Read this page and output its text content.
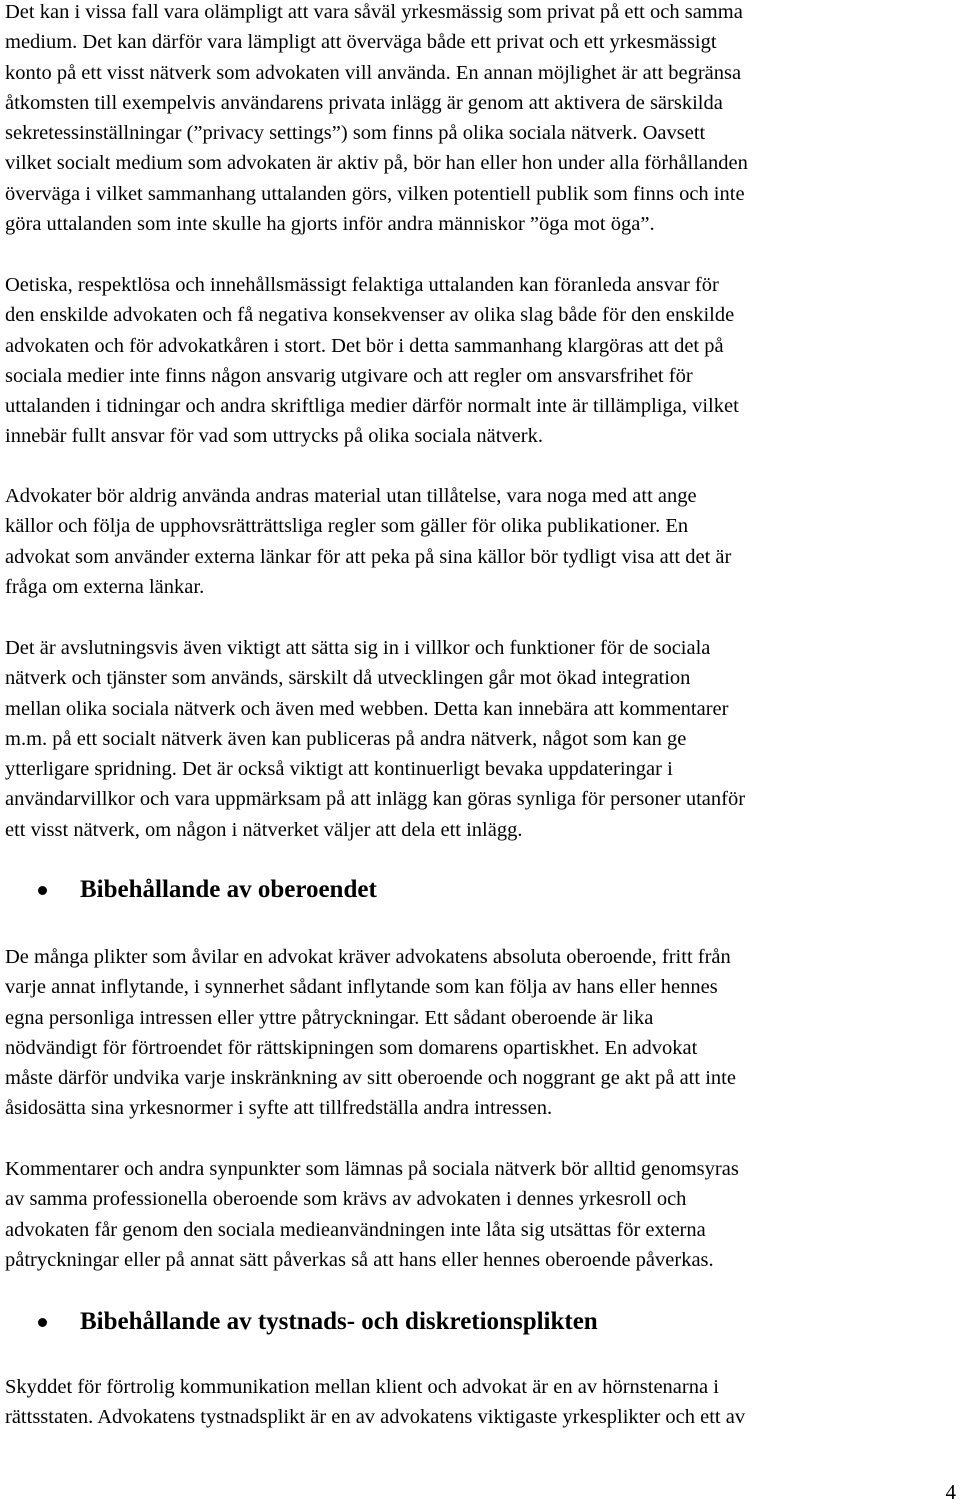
Det kan i vissa fall vara olämpligt att vara såväl yrkesmässig som privat på ett och samma
medium. Det kan därför vara lämpligt att överväga både ett privat och ett yrkesmässigt
konto på ett visst nätverk som advokaten vill använda. En annan möjlighet är att begränsa
åtkomsten till exempelvis användarens privata inlägg är genom att aktivera de särskilda
sekretessinställningar (”privacy settings”) som finns på olika sociala nätverk. Oavsett
vilket socialt medium som advokaten är aktiv på, bör han eller hon under alla förhållanden
överväga i vilket sammanhang uttalanden görs, vilken potentiell publik som finns och inte
göra uttalanden som inte skulle ha gjorts inför andra människor ”öga mot öga”.

Oetiska, respektlösa och innehållsmässigt felaktiga uttalanden kan föranleda ansvar för
den enskilde advokaten och få negativa konsekvenser av olika slag både för den enskilde
advokaten och för advokatkåren i stort. Det bör i detta sammanhang klargöras att det på
sociala medier inte finns någon ansvarig utgivare och att regler om ansvarsfrihet för
uttalanden i tidningar och andra skriftliga medier därför normalt inte är tillämpliga, vilket
innebär fullt ansvar för vad som uttrycks på olika sociala nätverk.

Advokater bör aldrig använda andras material utan tillåtelse, vara noga med att ange
källor och följa de upphovsrätträttsliga regler som gäller för olika publikationer. En
advokat som använder externa länkar för att peka på sina källor bör tydligt visa att det är
fråga om externa länkar.

Det är avslutningsvis även viktigt att sätta sig in i villkor och funktioner för de sociala
nätverk och tjänster som används, särskilt då utvecklingen går mot ökad integration
mellan olika sociala nätverk och även med webben. Detta kan innebära att kommentarer
m.m. på ett socialt nätverk även kan publiceras på andra nätverk, något som kan ge
ytterligare spridning. Det är också viktigt att kontinuerligt bevaka uppdateringar i
användarvillkor och vara uppmärksam på att inlägg kan göras synliga för personer utanför
ett visst nätverk, om någon i nätverket väljer att dela ett inlägg.

Bibehållande av oberoendet

De många plikter som åvilar en advokat kräver advokatens absoluta oberoende, fritt från
varje annat inflytande, i synnerhet sådant inflytande som kan följa av hans eller hennes
egna personliga intressen eller yttre påtryckningar. Ett sådant oberoende är lika
nödvändigt för förtroendet för rättskipningen som domarens opartiskhet. En advokat
måste därför undvika varje inskränkning av sitt oberoende och noggrant ge akt på att inte
åsidosätta sina yrkesnormer i syfte att tillfredställa andra intressen.

Kommentarer och andra synpunkter som lämnas på sociala nätverk bör alltid genomsyras
av samma professionella oberoende som krävs av advokaten i dennes yrkesroll och
advokaten får genom den sociala medieanvändningen inte låta sig utsättas för externa
påtryckningar eller på annat sätt påverkas så att hans eller hennes oberoende påverkas.

Bibehållande av tystnads- och diskretionsplikten

Skyddet för förtrolig kommunikation mellan klient och advokat är en av hörnstenarna i
rättsstaten. Advokatens tystnadsplikt är en av advokatens viktigaste yrkesplikter och ett av

4
